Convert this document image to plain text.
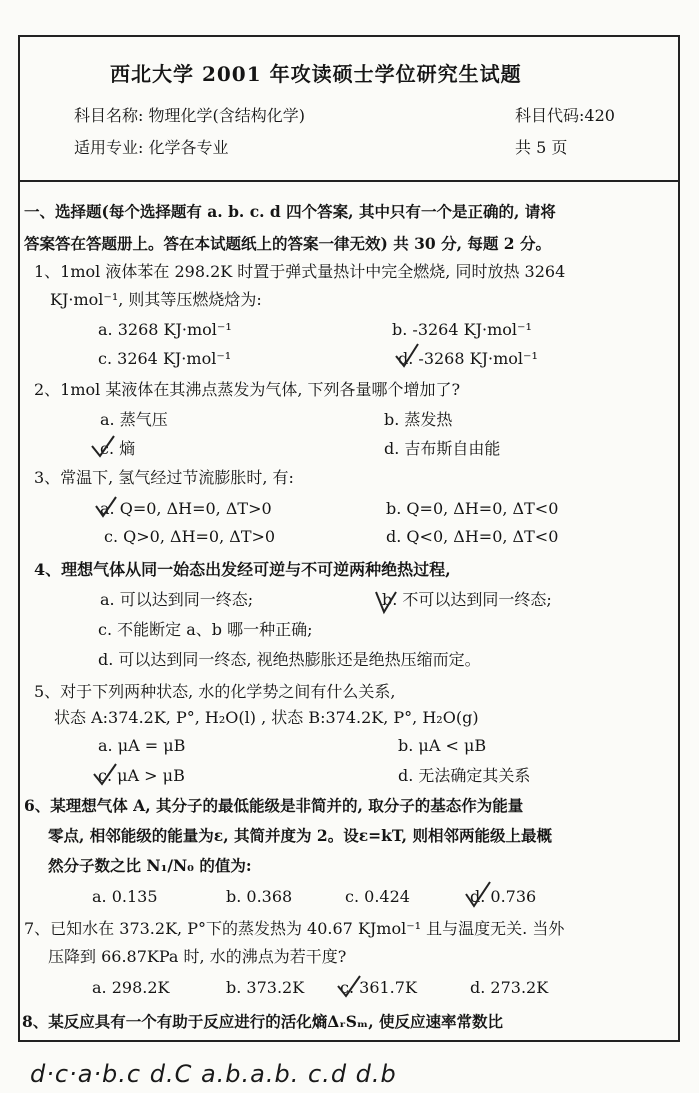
西北大学 2001 年攻读硕士学位研究生试题
科目名称: 物理化学(含结构化学)	科目代码:420
适用专业: 化学各专业	共 5 页
一、选择题(每个选择题有 a. b. c. d 四个答案, 其中只有一个是正确的, 请将
答案答在答题册上。答在本试题纸上的答案一律无效) 共 30 分, 每题 2 分。
1、1mol 液体苯在 298.2K 时置于弹式量热计中完全燃烧, 同时放热 3264
KJ·mol⁻¹, 则其等压燃烧焓为:
a. 3268 KJ·mol⁻¹	b. -3264 KJ·mol⁻¹
c. 3264 KJ·mol⁻¹	d. -3268 KJ·mol⁻¹
2、1mol 某液体在其沸点蒸发为气体, 下列各量哪个增加了?
a. 蒸气压	b. 蒸发热
c. 熵	d. 吉布斯自由能
3、常温下, 氢气经过节流膨胀时, 有:
a. Q=0, ΔH=0, ΔT>0	b. Q=0, ΔH=0, ΔT<0
c. Q>0, ΔH=0, ΔT>0	d. Q<0, ΔH=0, ΔT<0
4、理想气体从同一始态出发经可逆与不可逆两种绝热过程,
a. 可以达到同一终态;	b. 不可以达到同一终态;
c. 不能断定 a、b 哪一种正确;
d. 可以达到同一终态, 视绝热膨胀还是绝热压缩而定。
5、对于下列两种状态, 水的化学势之间有什么关系,
状态 A:374.2K, P°, H₂O(l) , 状态 B:374.2K, P°, H₂O(g)
a. μA = μB	b. μA < μB
c. μA > μB	d. 无法确定其关系
6、某理想气体 A, 其分子的最低能级是非简并的, 取分子的基态作为能量
零点, 相邻能级的能量为ε, 其简并度为 2。设ε=kT, 则相邻两能级上最概
然分子数之比 N₁/N₀ 的值为:
a. 0.135	b. 0.368	c. 0.424	d. 0.736
7、已知水在 373.2K, P°下的蒸发热为 40.67 KJmol⁻¹ 且与温度无关. 当外
压降到 66.87KPa 时, 水的沸点为若干度?
a. 298.2K	b. 373.2K c. 361.7K	d. 273.2K
8、某反应具有一个有助于反应进行的活化熵ΔᵣSₘ, 使反应速率常数比
d·c·a·b.c d.C a.b.a.b. c.d d.b
